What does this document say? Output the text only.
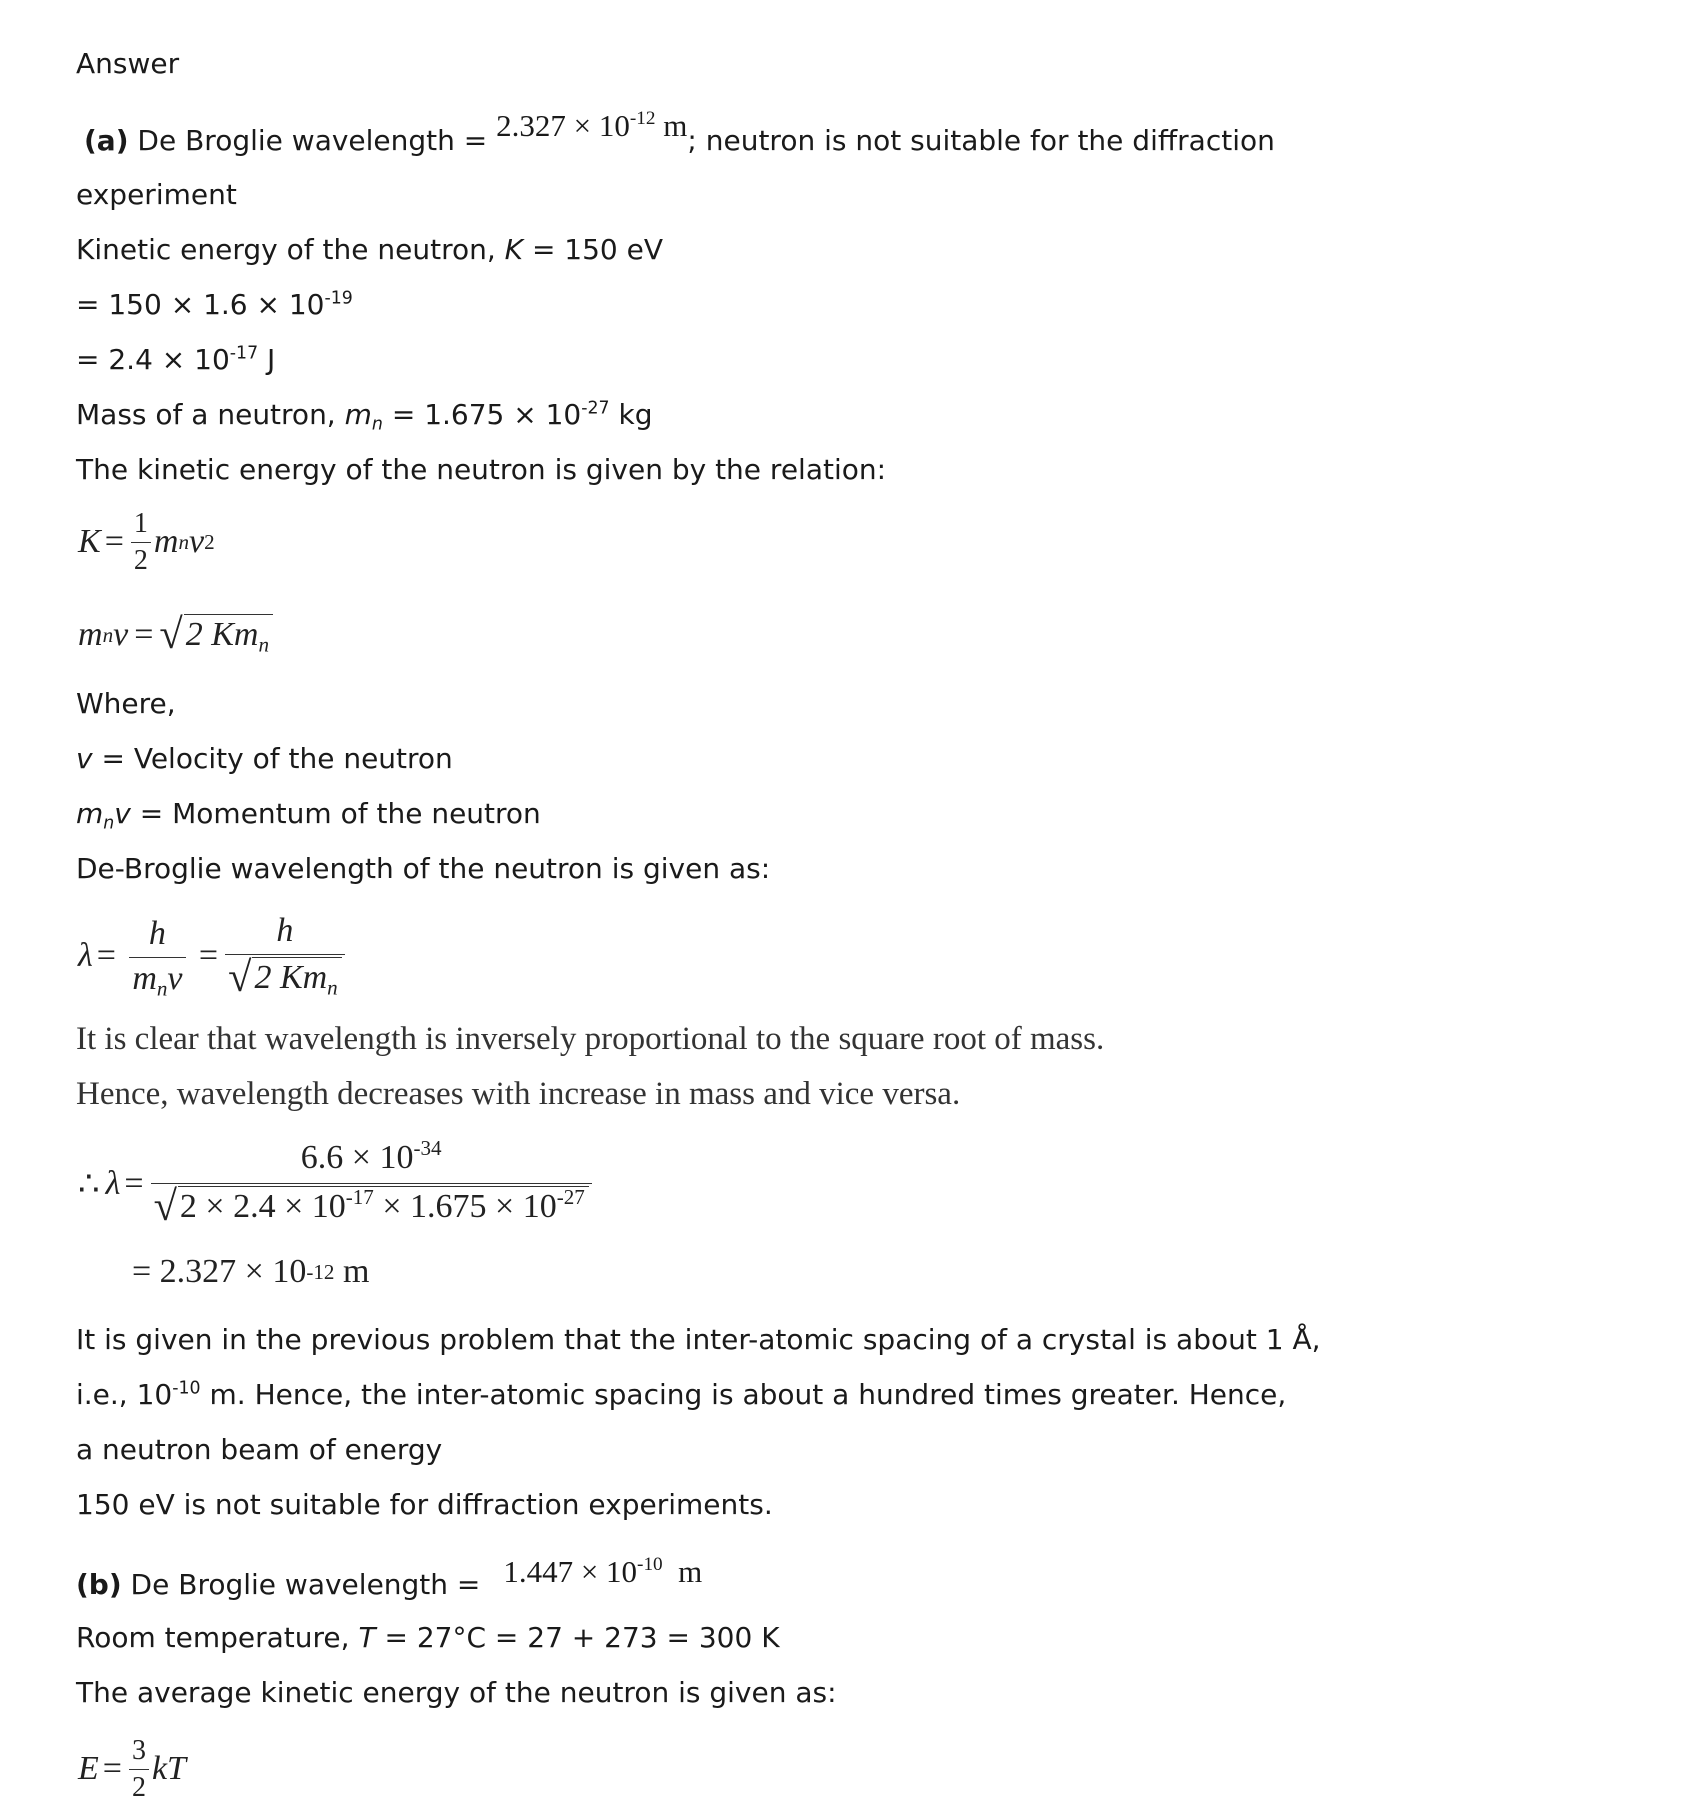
Answer
(a) De Broglie wavelength = $2.327 \times 10^{-12}$ m; neutron is not suitable for the diffraction
experiment
Kinetic energy of the neutron, K = 150 eV
= $150 \times 1.6 \times 10^{-19}$
= $2.4 \times 10^{-17}$ J
Mass of a neutron, $m_n = 1.675 \times 10^{-27}$ kg
The kinetic energy of the neutron is given by the relation:
$K = \frac{1}{2}$ m n v 2
m n v = √ 2 $Km_n$
Where,
v = Velocity of the neutron
$m_nv$ = Momentum of the neutron
De-Broglie wavelength of the neutron is given as:
$\lambda = \frac{h}{m_nv} = \frac{h}{√ 2 Km_n}$
It is clear that wavelength is inversely proportional to the square root of mass.
Hence, wavelength decreases with increase in mass and vice versa.
∴ $\lambda = \frac{6.6 \times 10^{-34}}{√ 2 \times 2.4 \times 10^{-17} \times 1.675 \times 10^{-27}}$
= 2.327 × 10 -12
m
It is given in the previous problem that the inter-atomic spacing of a crystal is about 1 Å,
i.e., $10^{-10}$ m. Hence, the inter-atomic spacing is about a hundred times greater. Hence,
a neutron beam of energy
150 eV is not suitable for diffraction experiments.
(b) De Broglie wavelength = $1.447 \times 10^{-10}$ m
Room temperature, T = 27°C = 27 + 273 = 300 K
The average kinetic energy of the neutron is given as:
$E = \frac{3}{2}$ kT
